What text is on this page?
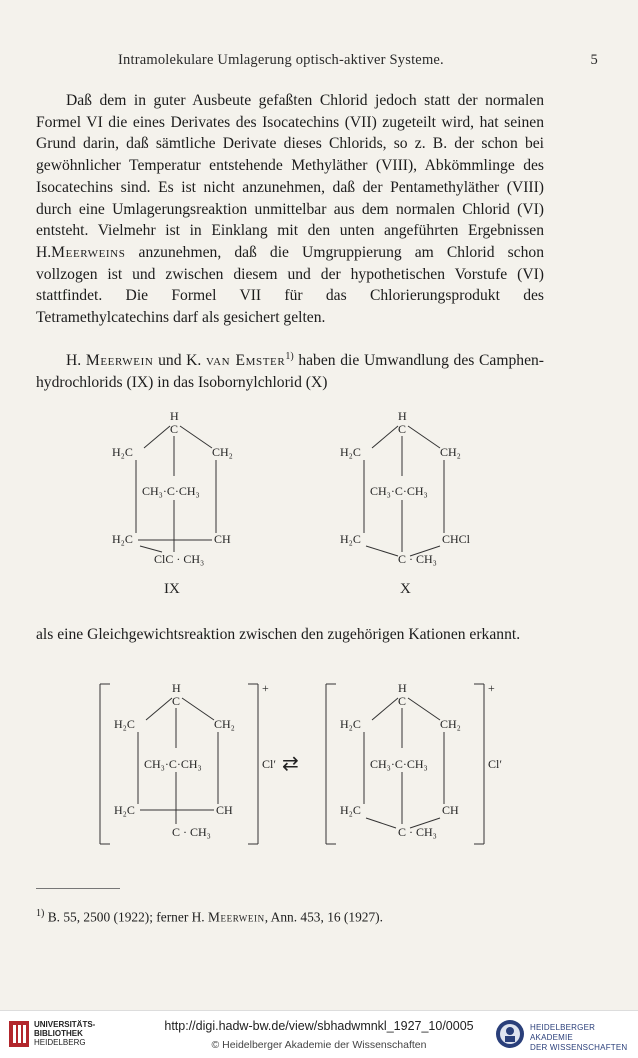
Intramolekulare Umlagerung optisch-aktiver Systeme.	5
Daß dem in guter Ausbeute gefaßten Chlorid jedoch statt der normalen Formel VI die eines Derivates des Isocatechins (VII) zugeteilt wird, hat seinen Grund darin, daß sämtliche Derivate dieses Chlorids, so z. B. der schon bei gewöhnlicher Temperatur entstehende Methyläther (VIII), Abkömmlinge des Isocatechins sind. Es ist nicht anzunehmen, daß der Pentamethyläther (VIII) durch eine Umlagerungsreaktion unmittelbar aus dem normalen Chlorid (VI) entsteht. Vielmehr ist in Einklang mit den unten angeführten Ergebnissen H.Meerweins anzunehmen, daß die Umgruppierung am Chlorid schon vollzogen ist und zwischen diesem und der hypothetischen Vorstufe (VI) stattfindet. Die Formel VII für das Chlorierungsprodukt des Tetramethylcatechins darf als gesichert gelten.
H. Meerwein und K. van Emster$^{1)}$ haben die Umwandlung des Camphen-hydrochlorids (IX) in das Isobornylchlorid (X)
H
C
H₂C	CH₂
CH₃·C·CH₃
H₂C	CH
ClC · CH₃
IX
H
C
H₂C	CH₂
CH₃·C·CH₃
H₂C	CHCl
C · CH₃
X
als eine Gleichgewichtsreaktion zwischen den zugehörigen Kationen erkannt.
+
H
C
H₂C	CH₂
CH₃·C·CH₃
H₂C	CH
C · CH₃
Cl′ ⇄
+
H
C
H₂C	CH₂
CH₃·C·CH₃
H₂C	CH
C · CH₃
Cl′
$^{1)}$ B. 55, 2500 (1922); ferner H. Meerwein, Ann. 453, 16 (1927).
UNIVERSITÄTS-
BIBLIOTHEK
HEIDELBERG
http://digi.hadw-bw.de/view/sbhadwmnkl_1927_10/0005
© Heidelberger Akademie der Wissenschaften
HEIDELBERGER AKADEMIE
DER WISSENSCHAFTEN
